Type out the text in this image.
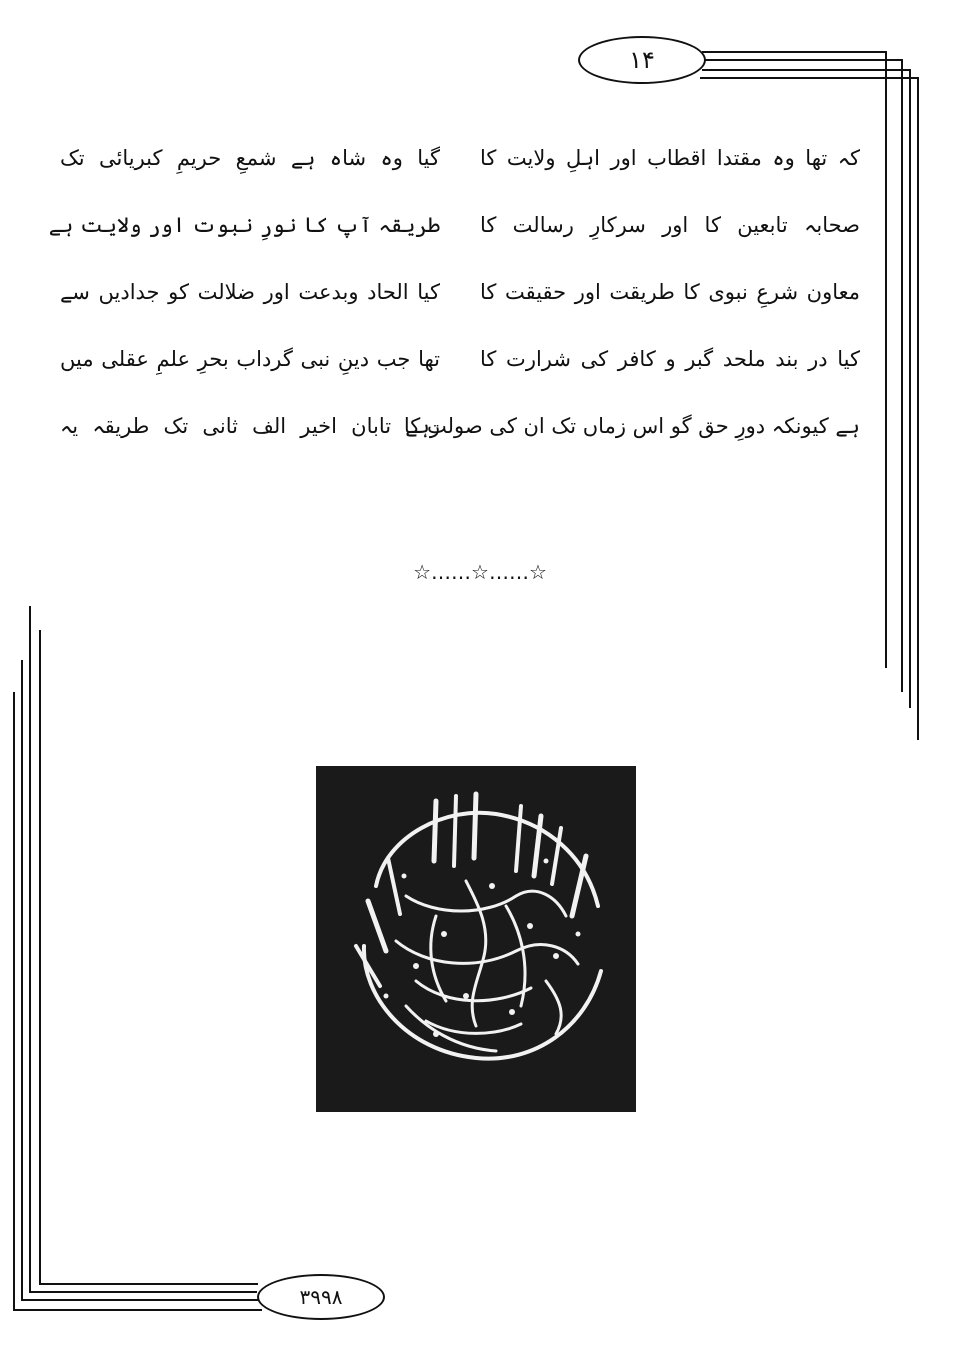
١۴
گیا وہ شاہ ہے شمعِ حریمِ کبریائی تک کہ تھا وہ مقتدا اقطاب اور اہلِ ولایت کا
طریقہ آپ کا نورِ نبوت اور ولایت ہے صحابہ تابعین کا اور سرکارِ رسالت کا
کیا الحاد وبدعت اور ضلالت کو جدادیں سے معاون شرعِ نبوی کا طریقت اور حقیقت کا
تھا جب دینِ نبی گرداب بحرِ علمِ عقلی میں کیا در بند ملحد گبر و کافر کی شرارت کا
رہے تابان اخیر الف ثانی تک طریقہ یہ
ہے کیونکہ دورِ حق گو اس زماں تک ان کی صولت کا
☆……☆……☆
٣٩٩٨
